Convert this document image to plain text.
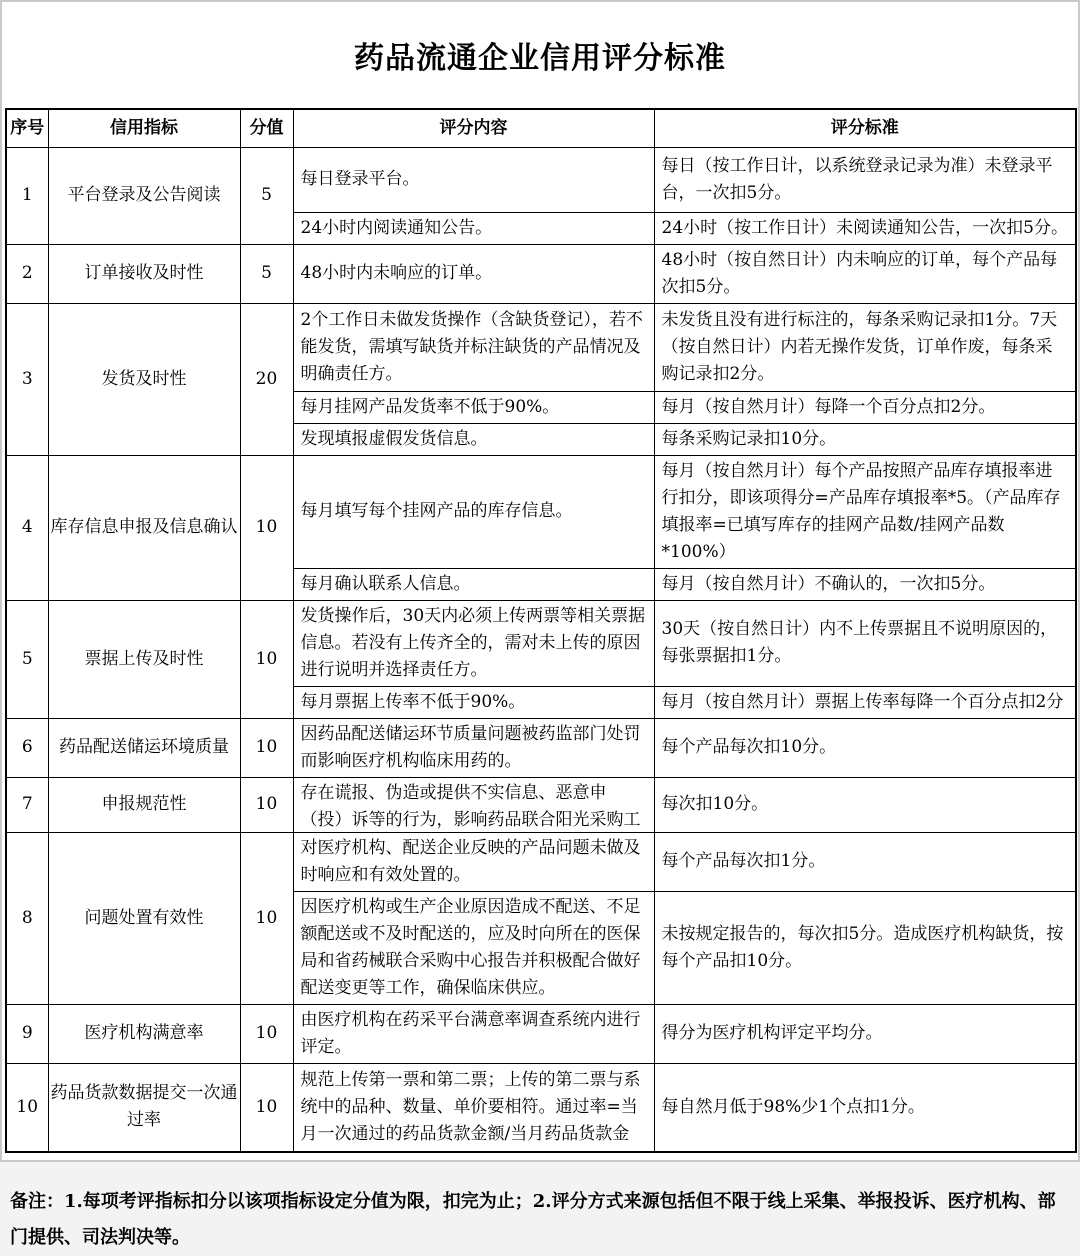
药品流通企业信用评分标准
序号	信用指标	分值	评分内容	评分标准
1	平台登录及公告阅读	5	每日登录平台。	每日（按工作日计，以系统登录记录为准）未登录平台，一次扣5分。
			24小时内阅读通知公告。	24小时（按工作日计）未阅读通知公告，一次扣5分。
2	订单接收及时性	5	48小时内未响应的订单。	48小时（按自然日计）内未响应的订单，每个产品每次扣5分。
3	发货及时性	20	2个工作日未做发货操作（含缺货登记），若不能发货，需填写缺货并标注缺货的产品情况及明确责任方。	未发货且没有进行标注的，每条采购记录扣1分。7天（按自然日计）内若无操作发货，订单作废，每条采购记录扣2分。
			每月挂网产品发货率不低于90%。	每月（按自然月计）每降一个百分点扣2分。
			发现填报虚假发货信息。	每条采购记录扣10分。
4	库存信息申报及信息确认	10	每月填写每个挂网产品的库存信息。	每月（按自然月计）每个产品按照产品库存填报率进行扣分，即该项得分=产品库存填报率*5。（产品库存填报率=已填写库存的挂网产品数/挂网产品数*100%）
			每月确认联系人信息。	每月（按自然月计）不确认的，一次扣5分。
5	票据上传及时性	10	发货操作后，30天内必须上传两票等相关票据信息。若没有上传齐全的，需对未上传的原因进行说明并选择责任方。	30天（按自然日计）内不上传票据且不说明原因的，每张票据扣1分。
			每月票据上传率不低于90%。	每月（按自然月计）票据上传率每降一个百分点扣2分
6	药品配送储运环境质量	10	因药品配送储运环节质量问题被药监部门处罚而影响医疗机构临床用药的。	每个产品每次扣10分。
7	申报规范性	10	存在谎报、伪造或提供不实信息、恶意申（投）诉等的行为，影响药品联合阳光采购工	每次扣10分。
8	问题处置有效性	10	对医疗机构、配送企业反映的产品问题未做及时响应和有效处置的。	每个产品每次扣1分。
			因医疗机构或生产企业原因造成不配送、不足额配送或不及时配送的，应及时向所在的医保局和省药械联合采购中心报告并积极配合做好配送变更等工作，确保临床供应。	未按规定报告的，每次扣5分。造成医疗机构缺货，按每个产品扣10分。
9	医疗机构满意率	10	由医疗机构在药采平台满意率调查系统内进行评定。	得分为医疗机构评定平均分。
10	药品货款数据提交一次通过率	10	规范上传第一票和第二票；上传的第二票与系统中的品种、数量、单价要相符。通过率=当月一次通过的药品货款金额/当月药品货款金	每自然月低于98%少1个点扣1分。
备注：1.每项考评指标扣分以该项指标设定分值为限，扣完为止；2.评分方式来源包括但不限于线上采集、举报投诉、医疗机构、部门提供、司法判决等。
